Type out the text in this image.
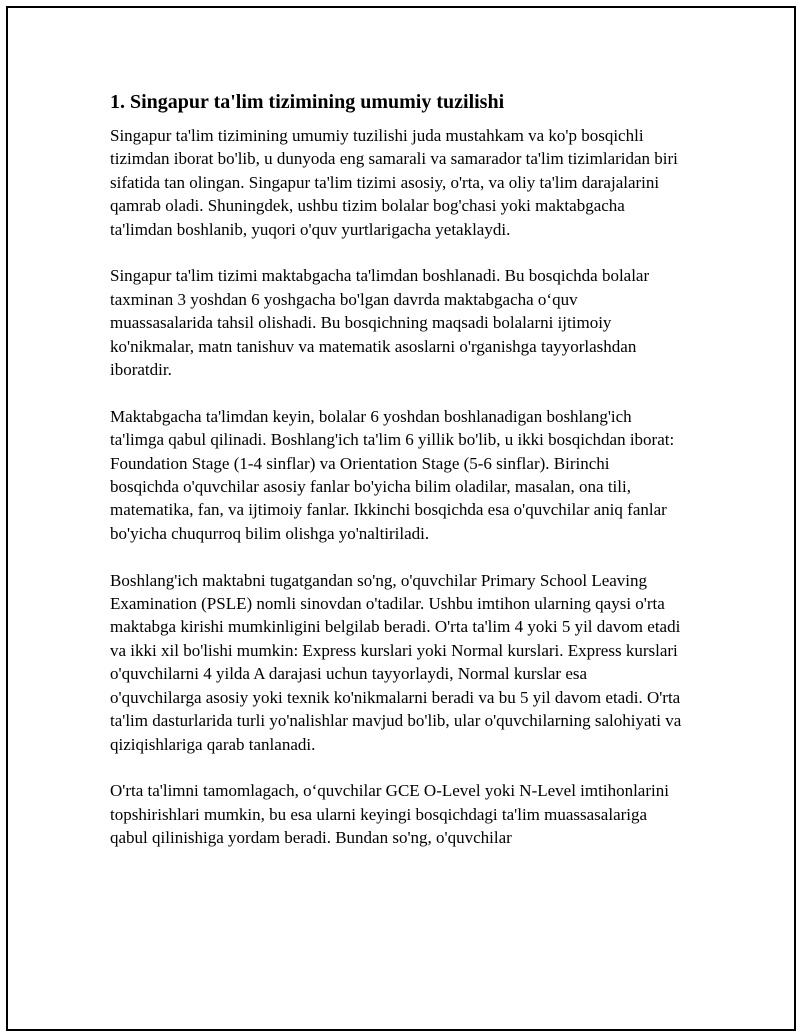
1. Singapur ta'lim tizimining umumiy tuzilishi

Singapur ta'lim tizimining umumiy tuzilishi juda mustahkam va ko'p bosqichli tizimdan iborat bo'lib, u dunyoda eng samarali va samarador ta'lim tizimlaridan biri sifatida tan olingan. Singapur ta'lim tizimi asosiy, o'rta, va oliy ta'lim darajalarini qamrab oladi. Shuningdek, ushbu tizim bolalar bog'chasi yoki maktabgacha ta'limdan boshlanib, yuqori o'quv yurtlarigacha yetaklaydi.

Singapur ta'lim tizimi maktabgacha ta'limdan boshlanadi. Bu bosqichda bolalar taxminan 3 yoshdan 6 yoshgacha bo'lgan davrda maktabgacha o‘quv muassasalarida tahsil olishadi. Bu bosqichning maqsadi bolalarni ijtimoiy ko'nikmalar, matn tanishuv va matematik asoslarni o'rganishga tayyorlashdan iboratdir.

Maktabgacha ta'limdan keyin, bolalar 6 yoshdan boshlanadigan boshlang'ich ta'limga qabul qilinadi. Boshlang'ich ta'lim 6 yillik bo'lib, u ikki bosqichdan iborat: Foundation Stage (1-4 sinflar) va Orientation Stage (5-6 sinflar). Birinchi bosqichda o'quvchilar asosiy fanlar bo'yicha bilim oladilar, masalan, ona tili, matematika, fan, va ijtimoiy fanlar. Ikkinchi bosqichda esa o'quvchilar aniq fanlar bo'yicha chuqurroq bilim olishga yo'naltiriladi.

Boshlang'ich maktabni tugatgandan so'ng, o'quvchilar Primary School Leaving Examination (PSLE) nomli sinovdan o'tadilar. Ushbu imtihon ularning qaysi o'rta maktabga kirishi mumkinligini belgilab beradi. O'rta ta'lim 4 yoki 5 yil davom etadi va ikki xil bo'lishi mumkin: Express kurslari yoki Normal kurslari. Express kurslari o'quvchilarni 4 yilda A darajasi uchun tayyorlaydi, Normal kurslar esa o'quvchilarga asosiy yoki texnik ko'nikmalarni beradi va bu 5 yil davom etadi. O'rta ta'lim dasturlarida turli yo'nalishlar mavjud bo'lib, ular o'quvchilarning salohiyati va qiziqishlariga qarab tanlanadi.

O'rta ta'limni tamomlagach, o‘quvchilar GCE O-Level yoki N-Level imtihonlarini topshirishlari mumkin, bu esa ularni keyingi bosqichdagi ta'lim muassasalariga qabul qilinishiga yordam beradi. Bundan so'ng, o'quvchilar
